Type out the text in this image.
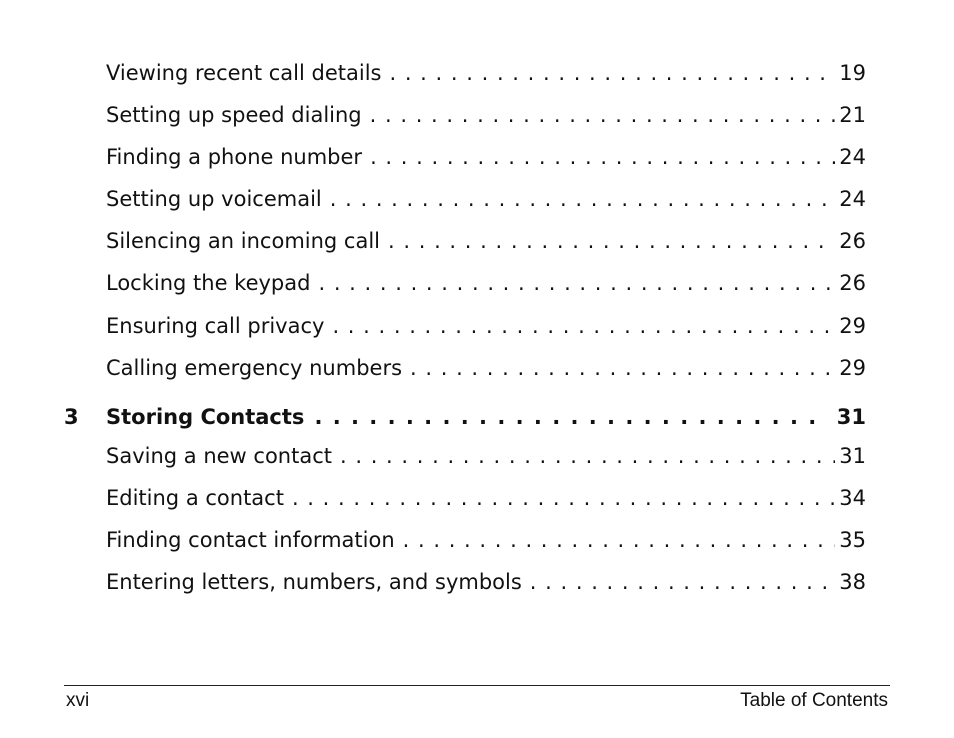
Viewing recent call details . . .	19
Setting up speed dialing . . .	21
Finding a phone number . . .	24
Setting up voicemail . . .	24
Silencing an incoming call . . .	26
Locking the keypad . . .	26
Ensuring call privacy . . .	29
Calling emergency numbers . . .	29
3	Storing Contacts . . .	31
Saving a new contact . . .	31
Editing a contact . . .	34
Finding contact information . . .	35
Entering letters, numbers, and symbols . . .	38
xvi	Table of Contents
